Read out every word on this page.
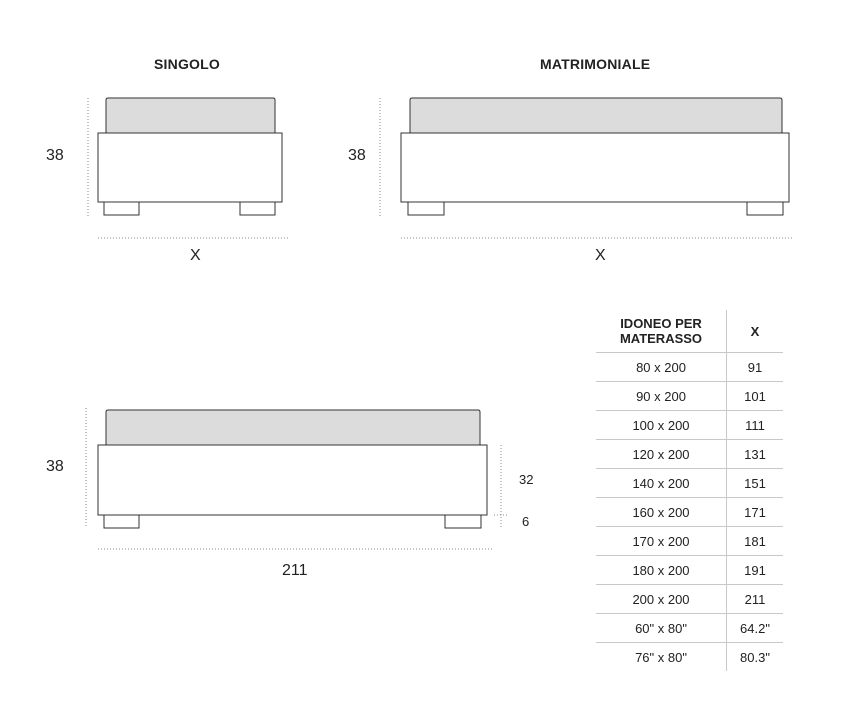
SINGOLO	MATRIMONIALE
38
X
38
X
38
32
6
211
IDONEO PER MATERASSO	X
80 x 200	91
90 x 200	101
100 x 200	111
120 x 200	131
140 x 200	151
160 x 200	171
170 x 200	181
180 x 200	191
200 x 200	211
60" x 80"	64.2"
76" x 80"	80.3"
